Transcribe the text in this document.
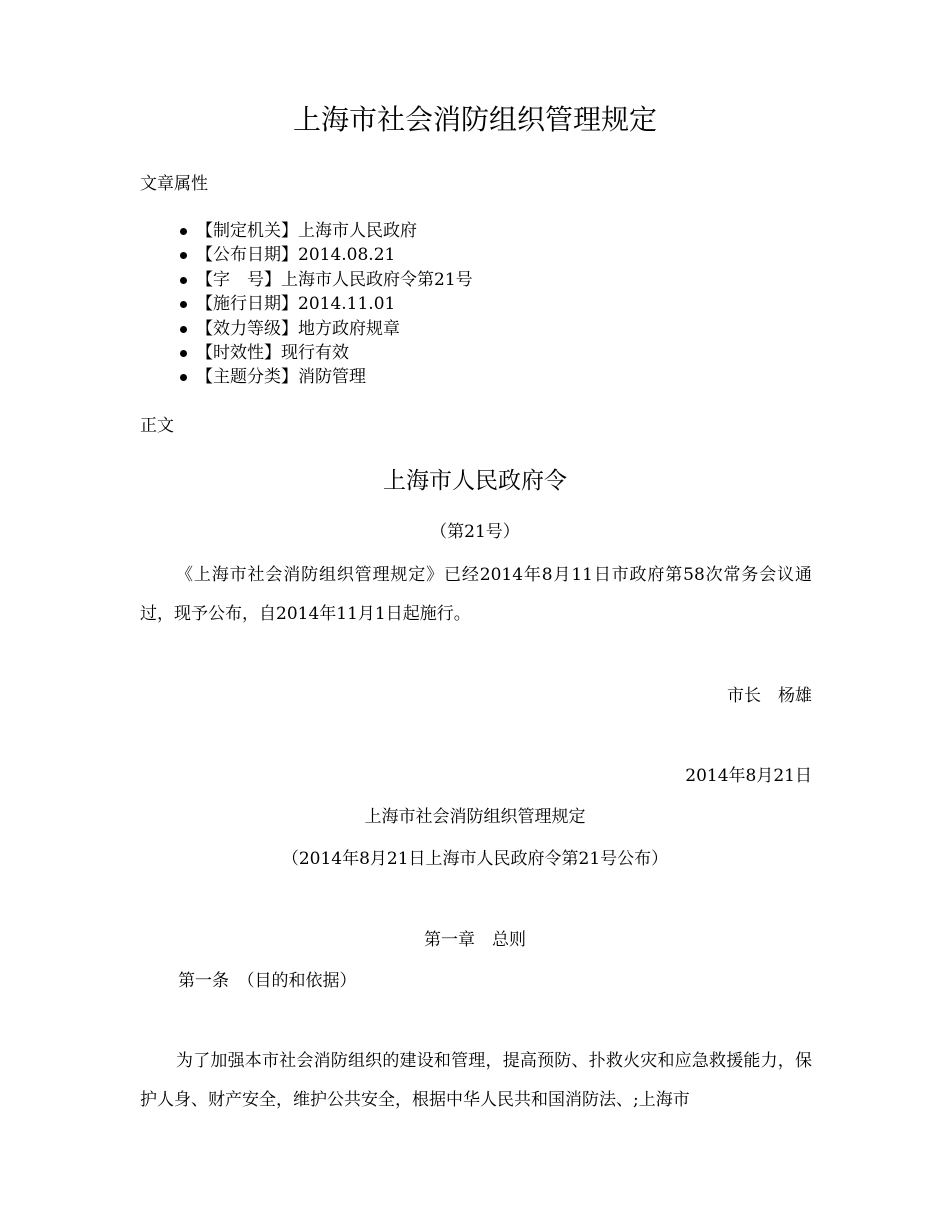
上海市社会消防组织管理规定
文章属性
【制定机关】上海市人民政府
【公布日期】2014.08.21
【字　号】上海市人民政府令第21号
【施行日期】2014.11.01
【效力等级】地方政府规章
【时效性】现行有效
【主题分类】消防管理
正文
上海市人民政府令
（第21号）
《上海市社会消防组织管理规定》已经2014年8月11日市政府第58次常务会议通过，现予公布，自2014年11月1日起施行。
市长　杨雄
2014年8月21日
上海市社会消防组织管理规定
（2014年8月21日上海市人民政府令第21号公布）
第一章　总则
第一条　（目的和依据）
为了加强本市社会消防组织的建设和管理，提高预防、扑救火灾和应急救援能力，保护人身、财产安全，维护公共安全，根据中华人民共和国消防法、;上海市
